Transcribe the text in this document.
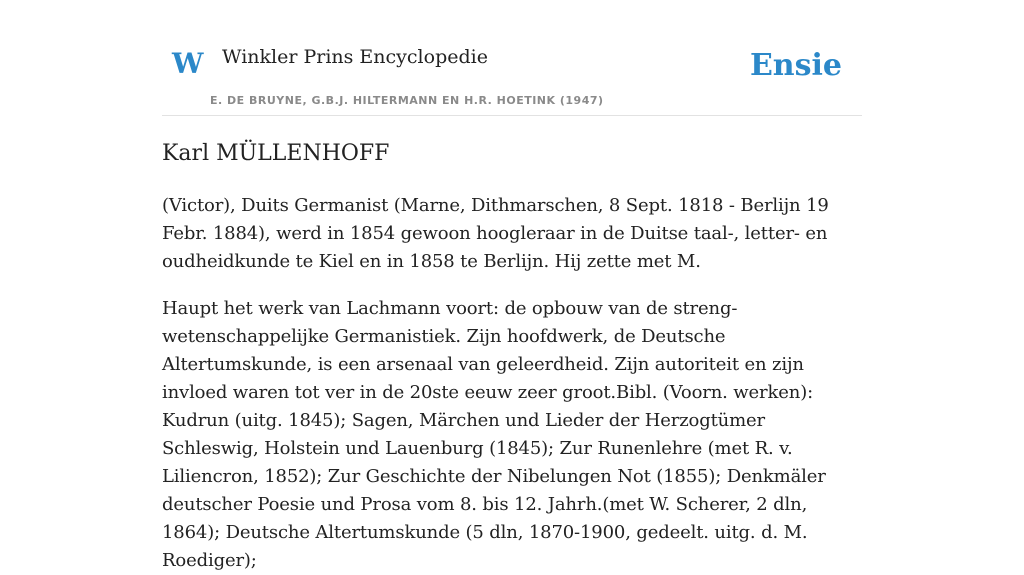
W Winkler Prins Encyclopedie
E. DE BRUYNE, G.B.J. HILTERMANN EN H.R. HOETINK (1947)
Ensie
Karl MÜLLENHOFF

(Victor), Duits Germanist (Marne, Dithmarschen, 8 Sept. 1818 - Berlijn 19 Febr. 1884), werd in 1854 gewoon hoogleraar in de Duitse taal-, letter- en oudheidkunde te Kiel en in 1858 te Berlijn. Hij zette met M.

Haupt het werk van Lachmann voort: de opbouw van de streng-wetenschappelijke Germanistiek. Zijn hoofdwerk, de Deutsche Altertumskunde, is een arsenaal van geleerdheid. Zijn autoriteit en zijn invloed waren tot ver in de 20ste eeuw zeer groot.Bibl. (Voorn. werken): Kudrun (uitg. 1845); Sagen, Märchen und Lieder der Herzogtümer Schleswig, Holstein und Lauenburg (1845); Zur Runenlehre (met R. v. Liliencron, 1852); Zur Geschichte der Nibelungen Not (1855); Denkmäler deutscher Poesie und Prosa vom 8. bis 12. Jahrh.(met W. Scherer, 2 dln, 1864); Deutsche Altertumskunde (5 dln, 1870-1900, gedeelt. uitg. d. M. Roediger);
